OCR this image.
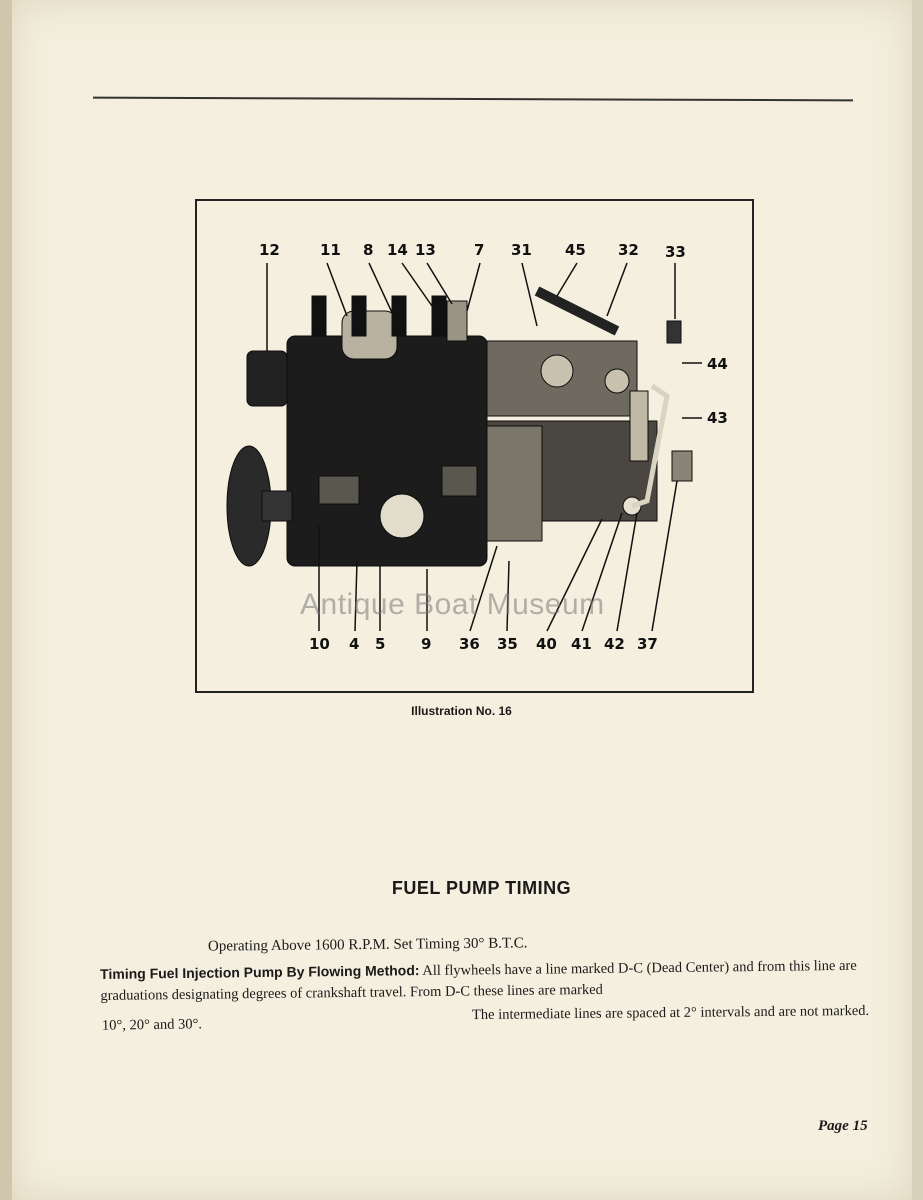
12	11 8 14 13	7 31 45 32 33
44
43
10 4 5 9 36 35 40 41 42 37
Antique Boat Museum
Illustration No. 16
FUEL PUMP TIMING
Operating Above 1600 R.P.M. Set Timing 30° B.T.C.
Timing Fuel Injection Pump By Flowing Method: All flywheels have a line marked D-C (Dead Center) and from this line are graduations designating degrees of crankshaft travel. From D-C these lines are marked
The intermediate lines are spaced at 2° intervals and are not marked.
10°, 20° and 30°.
Page 15
